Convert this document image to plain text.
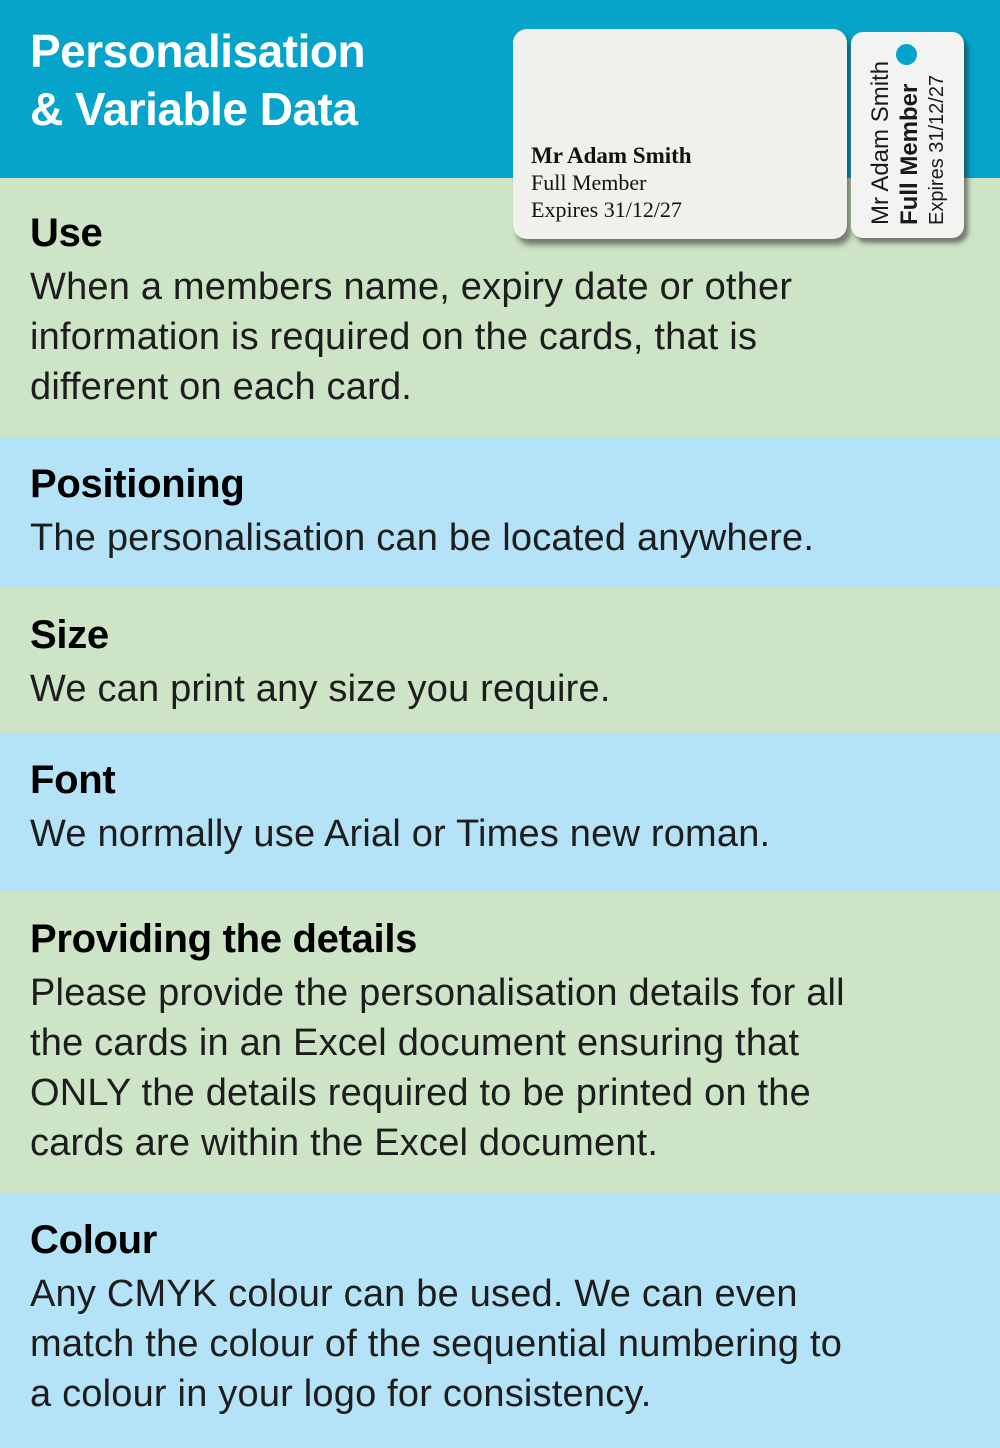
Personalisation
& Variable Data
Use
When a members name, expiry date or other
information is required on the cards, that is
different on each card.
Positioning
The personalisation can be located anywhere.
Size
We can print any size you require.
Font
We normally use Arial or Times new roman.
Providing the details
Please provide the personalisation details for all
the cards in an Excel document ensuring that
ONLY the details required to be printed on the
cards are within the Excel document.
Colour
Any CMYK colour can be used. We can even
match the colour of the sequential numbering to
a colour in your logo for consistency.
Mr Adam Smith
Full Member
Expires 31/12/27	Mr Adam Smith Full Member Expires 31/12/27
